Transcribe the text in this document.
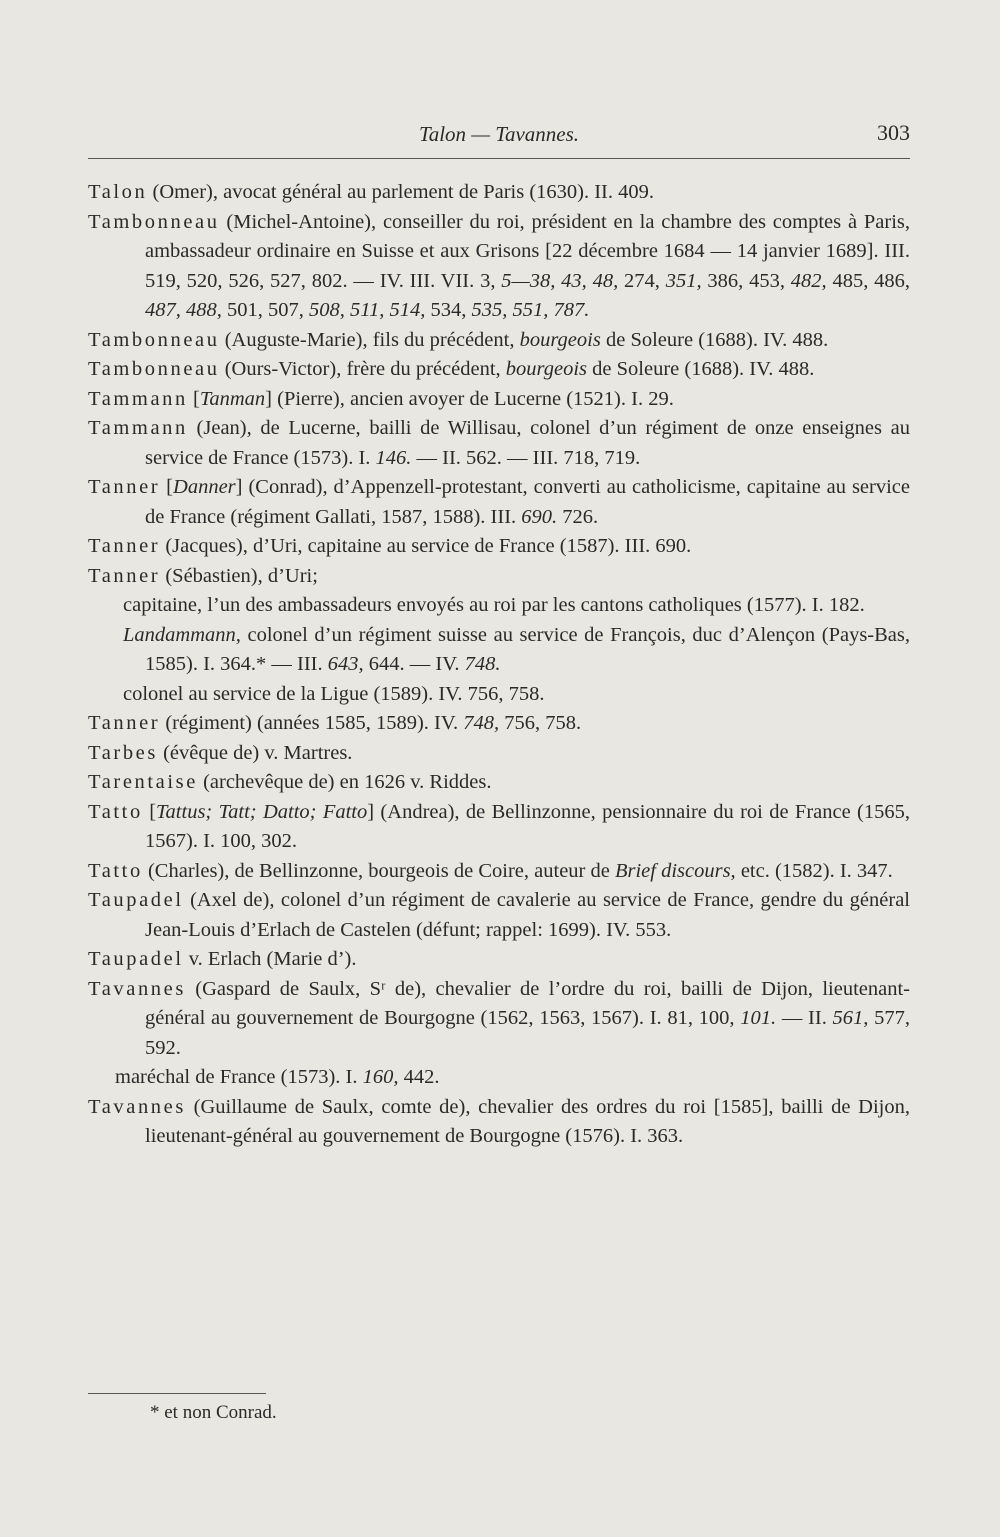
Talon — Tavannes.	303
Talon (Omer), avocat général au parlement de Paris (1630). II. 409.
Tambonneau (Michel-Antoine), conseiller du roi, président en la chambre des comptes à Paris, ambassadeur ordinaire en Suisse et aux Grisons [22 décembre 1684 — 14 janvier 1689]. III. 519, 520, 526, 527, 802. — IV. III. VII. 3, 5—38, 43, 48, 274, 351, 386, 453, 482, 485, 486, 487, 488, 501, 507, 508, 511, 514, 534, 535, 551, 787.
Tambonneau (Auguste-Marie), fils du précédent, bourgeois de Soleure (1688). IV. 488.
Tambonneau (Ours-Victor), frère du précédent, bourgeois de Soleure (1688). IV. 488.
Tammann [Tanman] (Pierre), ancien avoyer de Lucerne (1521). I. 29.
Tammann (Jean), de Lucerne, bailli de Willisau, colonel d’un régiment de onze enseignes au service de France (1573). I. 146. — II. 562. — III. 718, 719.
Tanner [Danner] (Conrad), d’Appenzell-protestant, converti au catholicisme, capitaine au service de France (régiment Gallati, 1587, 1588). III. 690. 726.
Tanner (Jacques), d’Uri, capitaine au service de France (1587). III. 690.
Tanner (Sébastien), d’Uri;
capitaine, l’un des ambassadeurs envoyés au roi par les cantons catholiques (1577). I. 182.
Landammann, colonel d’un régiment suisse au service de François, duc d’Alençon (Pays-Bas, 1585). I. 364.* — III. 643, 644. — IV. 748.
colonel au service de la Ligue (1589). IV. 756, 758.
Tanner (régiment) (années 1585, 1589). IV. 748, 756, 758.
Tarbes (évêque de) v. Martres.
Tarentaise (archevêque de) en 1626 v. Riddes.
Tatto [Tattus; Tatt; Datto; Fatto] (Andrea), de Bellinzonne, pensionnaire du roi de France (1565, 1567). I. 100, 302.
Tatto (Charles), de Bellinzonne, bourgeois de Coire, auteur de Brief discours, etc. (1582). I. 347.
Taupadel (Axel de), colonel d’un régiment de cavalerie au service de France, gendre du général Jean-Louis d’Erlach de Castelen (défunt; rappel: 1699). IV. 553.
Taupadel v. Erlach (Marie d’).
Tavannes (Gaspard de Saulx, Sʳ de), chevalier de l’ordre du roi, bailli de Dijon, lieutenant-général au gouvernement de Bourgogne (1562, 1563, 1567). I. 81, 100, 101. — II. 561, 577, 592.
maréchal de France (1573). I. 160, 442.
Tavannes (Guillaume de Saulx, comte de), chevalier des ordres du roi [1585], bailli de Dijon, lieutenant-général au gouvernement de Bourgogne (1576). I. 363.
* et non Conrad.
